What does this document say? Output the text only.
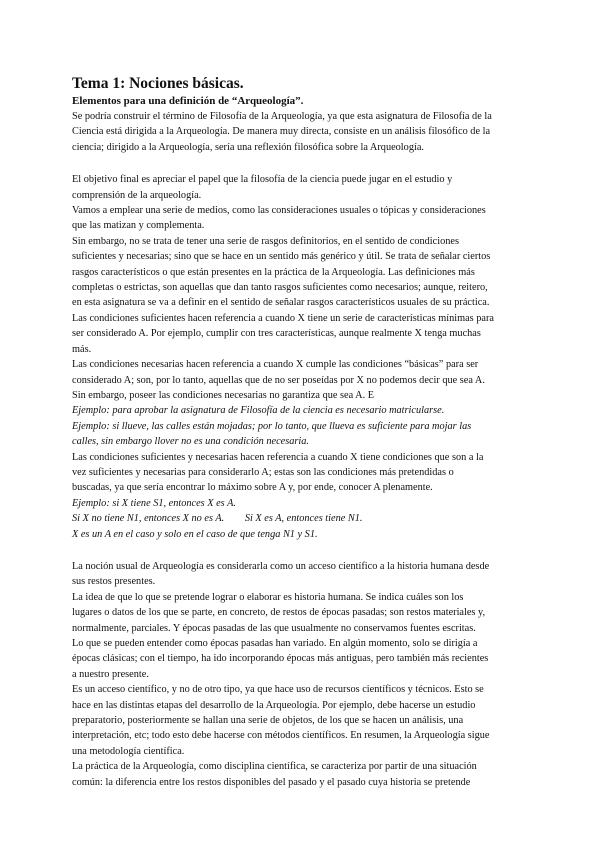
Tema 1: Nociones básicas.
Elementos para una definición de “Arqueología”.
Se podría construir el término de Filosofía de la Arqueología, ya que esta asignatura de Filosofía de la
Ciencia está dirigida a la Arqueología. De manera muy directa, consiste en un análisis filosófico de la
ciencia; dirigido a la Arqueología, sería una reflexión filosófica sobre la Arqueología.
El objetivo final es apreciar el papel que la filosofía de la ciencia puede jugar en el estudio y
comprensión de la arqueología.
Vamos a emplear una serie de medios, como las consideraciones usuales o tópicas y consideraciones
que las matizan y complementa.
Sin embargo, no se trata de tener una serie de rasgos definitorios, en el sentido de condiciones
suficientes y necesarias; sino que se hace en un sentido más genérico y útil. Se trata de señalar ciertos
rasgos característicos o que están presentes en la práctica de la Arqueología. Las definiciones más
completas o estrictas, son aquellas que dan tanto rasgos suficientes como necesarios; aunque, reitero,
en esta asignatura se va a definir en el sentido de señalar rasgos característicos usuales de su práctica.
Las condiciones suficientes hacen referencia a cuando X tiene un serie de características mínimas para
ser considerado A. Por ejemplo, cumplir con tres características, aunque realmente X tenga muchas
más.
Las condiciones necesarias hacen referencia a cuando X cumple las condiciones “básicas” para ser
considerado A; son, por lo tanto, aquellas que de no ser poseídas por X no podemos decir que sea A.
Sin embargo, poseer las condiciones necesarias no garantiza que sea A. E
Ejemplo: para aprobar la asignatura de Filosofía de la ciencia es necesario matricularse.
Ejemplo: si llueve, las calles están mojadas; por lo tanto, que llueva es suficiente para mojar las
calles, sin embargo llover no es una condición necesaria.
Las condiciones suficientes y necesarias hacen referencia a cuando X tiene condiciones que son a la
vez suficientes y necesarias para considerarlo A; estas son las condiciones más pretendidas o
buscadas, ya que sería encontrar lo máximo sobre A y, por ende, conocer A plenamente.
Ejemplo: si X tiene S1, entonces X es A.
Si X no tiene N1, entonces X no es A.        Si X es A, entonces tiene N1.
X es un A en el caso y solo en el caso de que tenga N1 y S1.
La noción usual de Arqueología es considerarla como un acceso científico a la historia humana desde
sus restos presentes.
La idea de que lo que se pretende lograr o elaborar es historia humana. Se indica cuáles son los
lugares o datos de los que se parte, en concreto, de restos de épocas pasadas; son restos materiales y,
normalmente, parciales. Y épocas pasadas de las que usualmente no conservamos fuentes escritas.
Lo que se pueden entender como épocas pasadas han variado. En algún momento, solo se dirigía a
épocas clásicas; con el tiempo, ha ido incorporando épocas más antiguas, pero también más recientes
a nuestro presente.
Es un acceso científico, y no de otro tipo, ya que hace uso de recursos científicos y técnicos. Esto se
hace en las distintas etapas del desarrollo de la Arqueología. Por ejemplo, debe hacerse un estudio
preparatorio, posteriormente se hallan una serie de objetos, de los que se hacen un análisis, una
interpretación, etc; todo esto debe hacerse con métodos científicos. En resumen, la Arqueología sigue
una metodología científica.
La práctica de la Arqueología, como disciplina científica, se caracteriza por partir de una situación
común: la diferencia entre los restos disponibles del pasado y el pasado cuya historia se pretende
